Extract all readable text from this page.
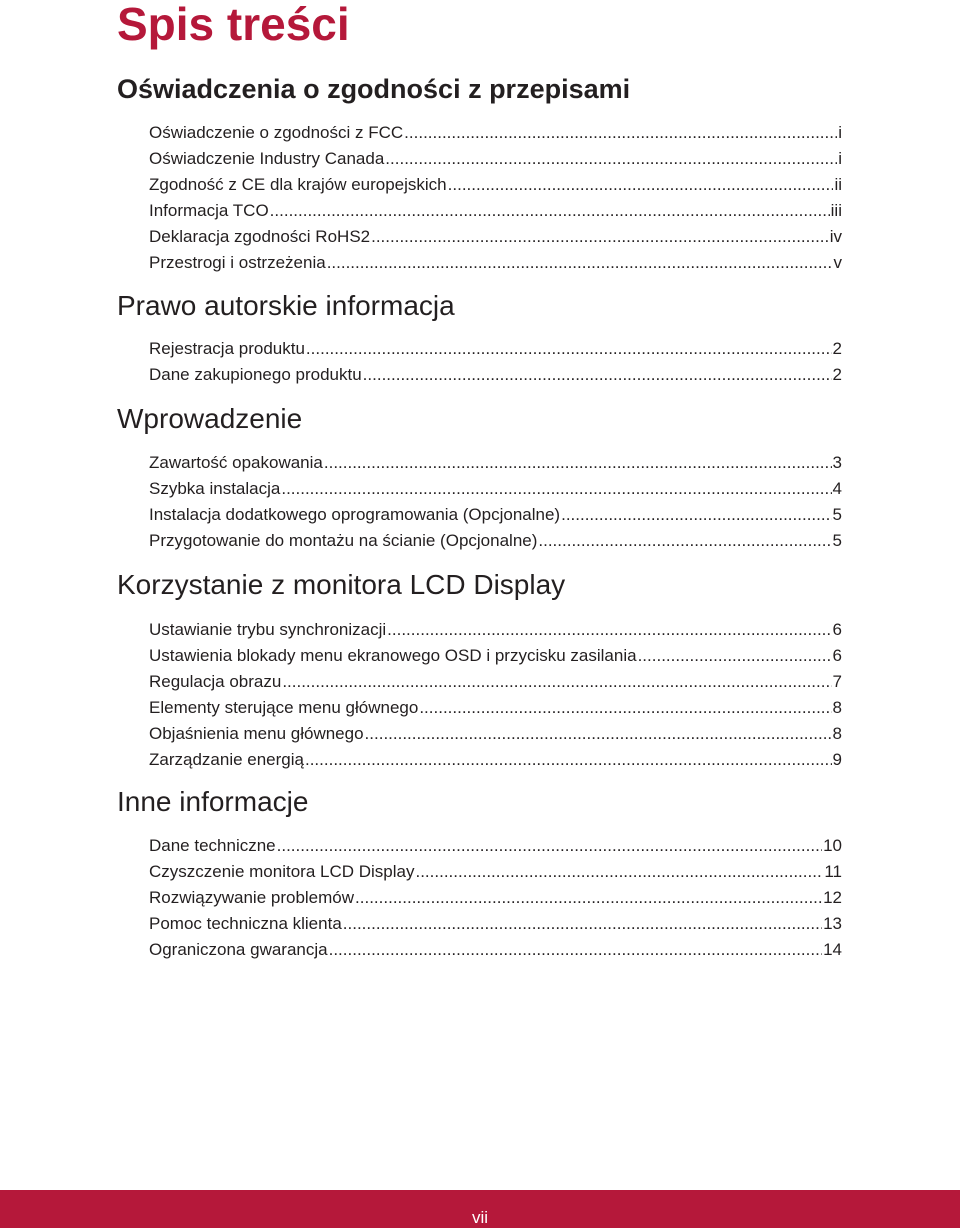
Spis treści
Oświadczenia o zgodności z przepisami
Oświadczenie o zgodności z FCC .....	i
Oświadczenie Industry Canada .....	i
Zgodność z CE dla krajów europejskich .....	ii
Informacja TCO .....	iii
Deklaracja zgodności RoHS2 .....	iv
Przestrogi i ostrzeżenia .....	v
Prawo autorskie informacja
Rejestracja produktu .....	2
Dane zakupionego produktu .....	2
Wprowadzenie
Zawartość opakowania .....	3
Szybka instalacja .....	4
Instalacja dodatkowego oprogramowania (Opcjonalne) .....	5
Przygotowanie do montażu na ścianie (Opcjonalne) .....	5
Korzystanie z monitora LCD Display
Ustawianie trybu synchronizacji .....	6
Ustawienia blokady menu ekranowego OSD i przycisku zasilania .....	6
Regulacja obrazu .....	7
Elementy sterujące menu głównego .....	8
Objaśnienia menu głównego .....	8
Zarządzanie energią .....	9
Inne informacje
Dane techniczne .....	10
Czyszczenie monitora LCD Display .....	11
Rozwiązywanie problemów .....	12
Pomoc techniczna klienta .....	13
Ograniczona gwarancja .....	14
vii
